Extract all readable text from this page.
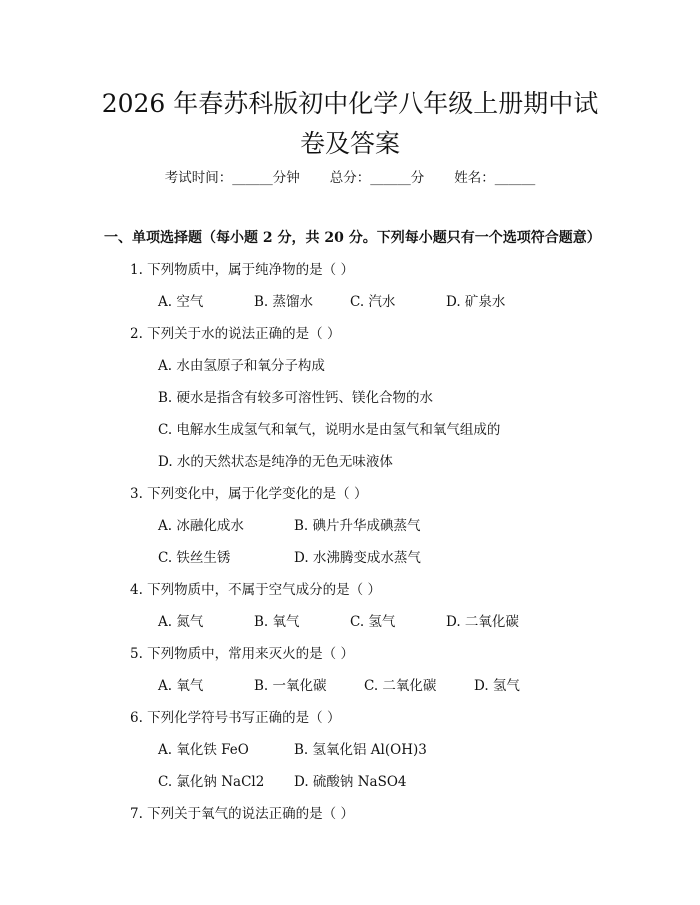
2026 年春苏科版初中化学八年级上册期中试
卷及答案
考试时间：______分钟 总分：______分 姓名：______
一、单项选择题（每小题 2 分，共 20 分。下列每小题只有一个选项符合题意）
1. 下列物质中，属于纯净物的是（ ）
A. 空气	B. 蒸馏水	C. 汽水	D. 矿泉水
2. 下列关于水的说法正确的是（ ）
A. 水由氢原子和氧分子构成
B. 硬水是指含有较多可溶性钙、镁化合物的水
C. 电解水生成氢气和氧气，说明水是由氢气和氧气组成的
D. 水的天然状态是纯净的无色无味液体
3. 下列变化中，属于化学变化的是（ ）
A. 冰融化成水	B. 碘片升华成碘蒸气
C. 铁丝生锈	D. 水沸腾变成水蒸气
4. 下列物质中，不属于空气成分的是（ ）
A. 氮气	B. 氧气	C. 氢气	D. 二氧化碳
5. 下列物质中，常用来灭火的是（ ）
A. 氧气	B. 一氧化碳	C. 二氧化碳	D. 氢气
6. 下列化学符号书写正确的是（ ）
A. 氧化铁 FeO	B. 氢氧化铝 Al(OH)3
C. 氯化钠 NaCl2 D. 硫酸钠 NaSO4
7. 下列关于氧气的说法正确的是（ ）
